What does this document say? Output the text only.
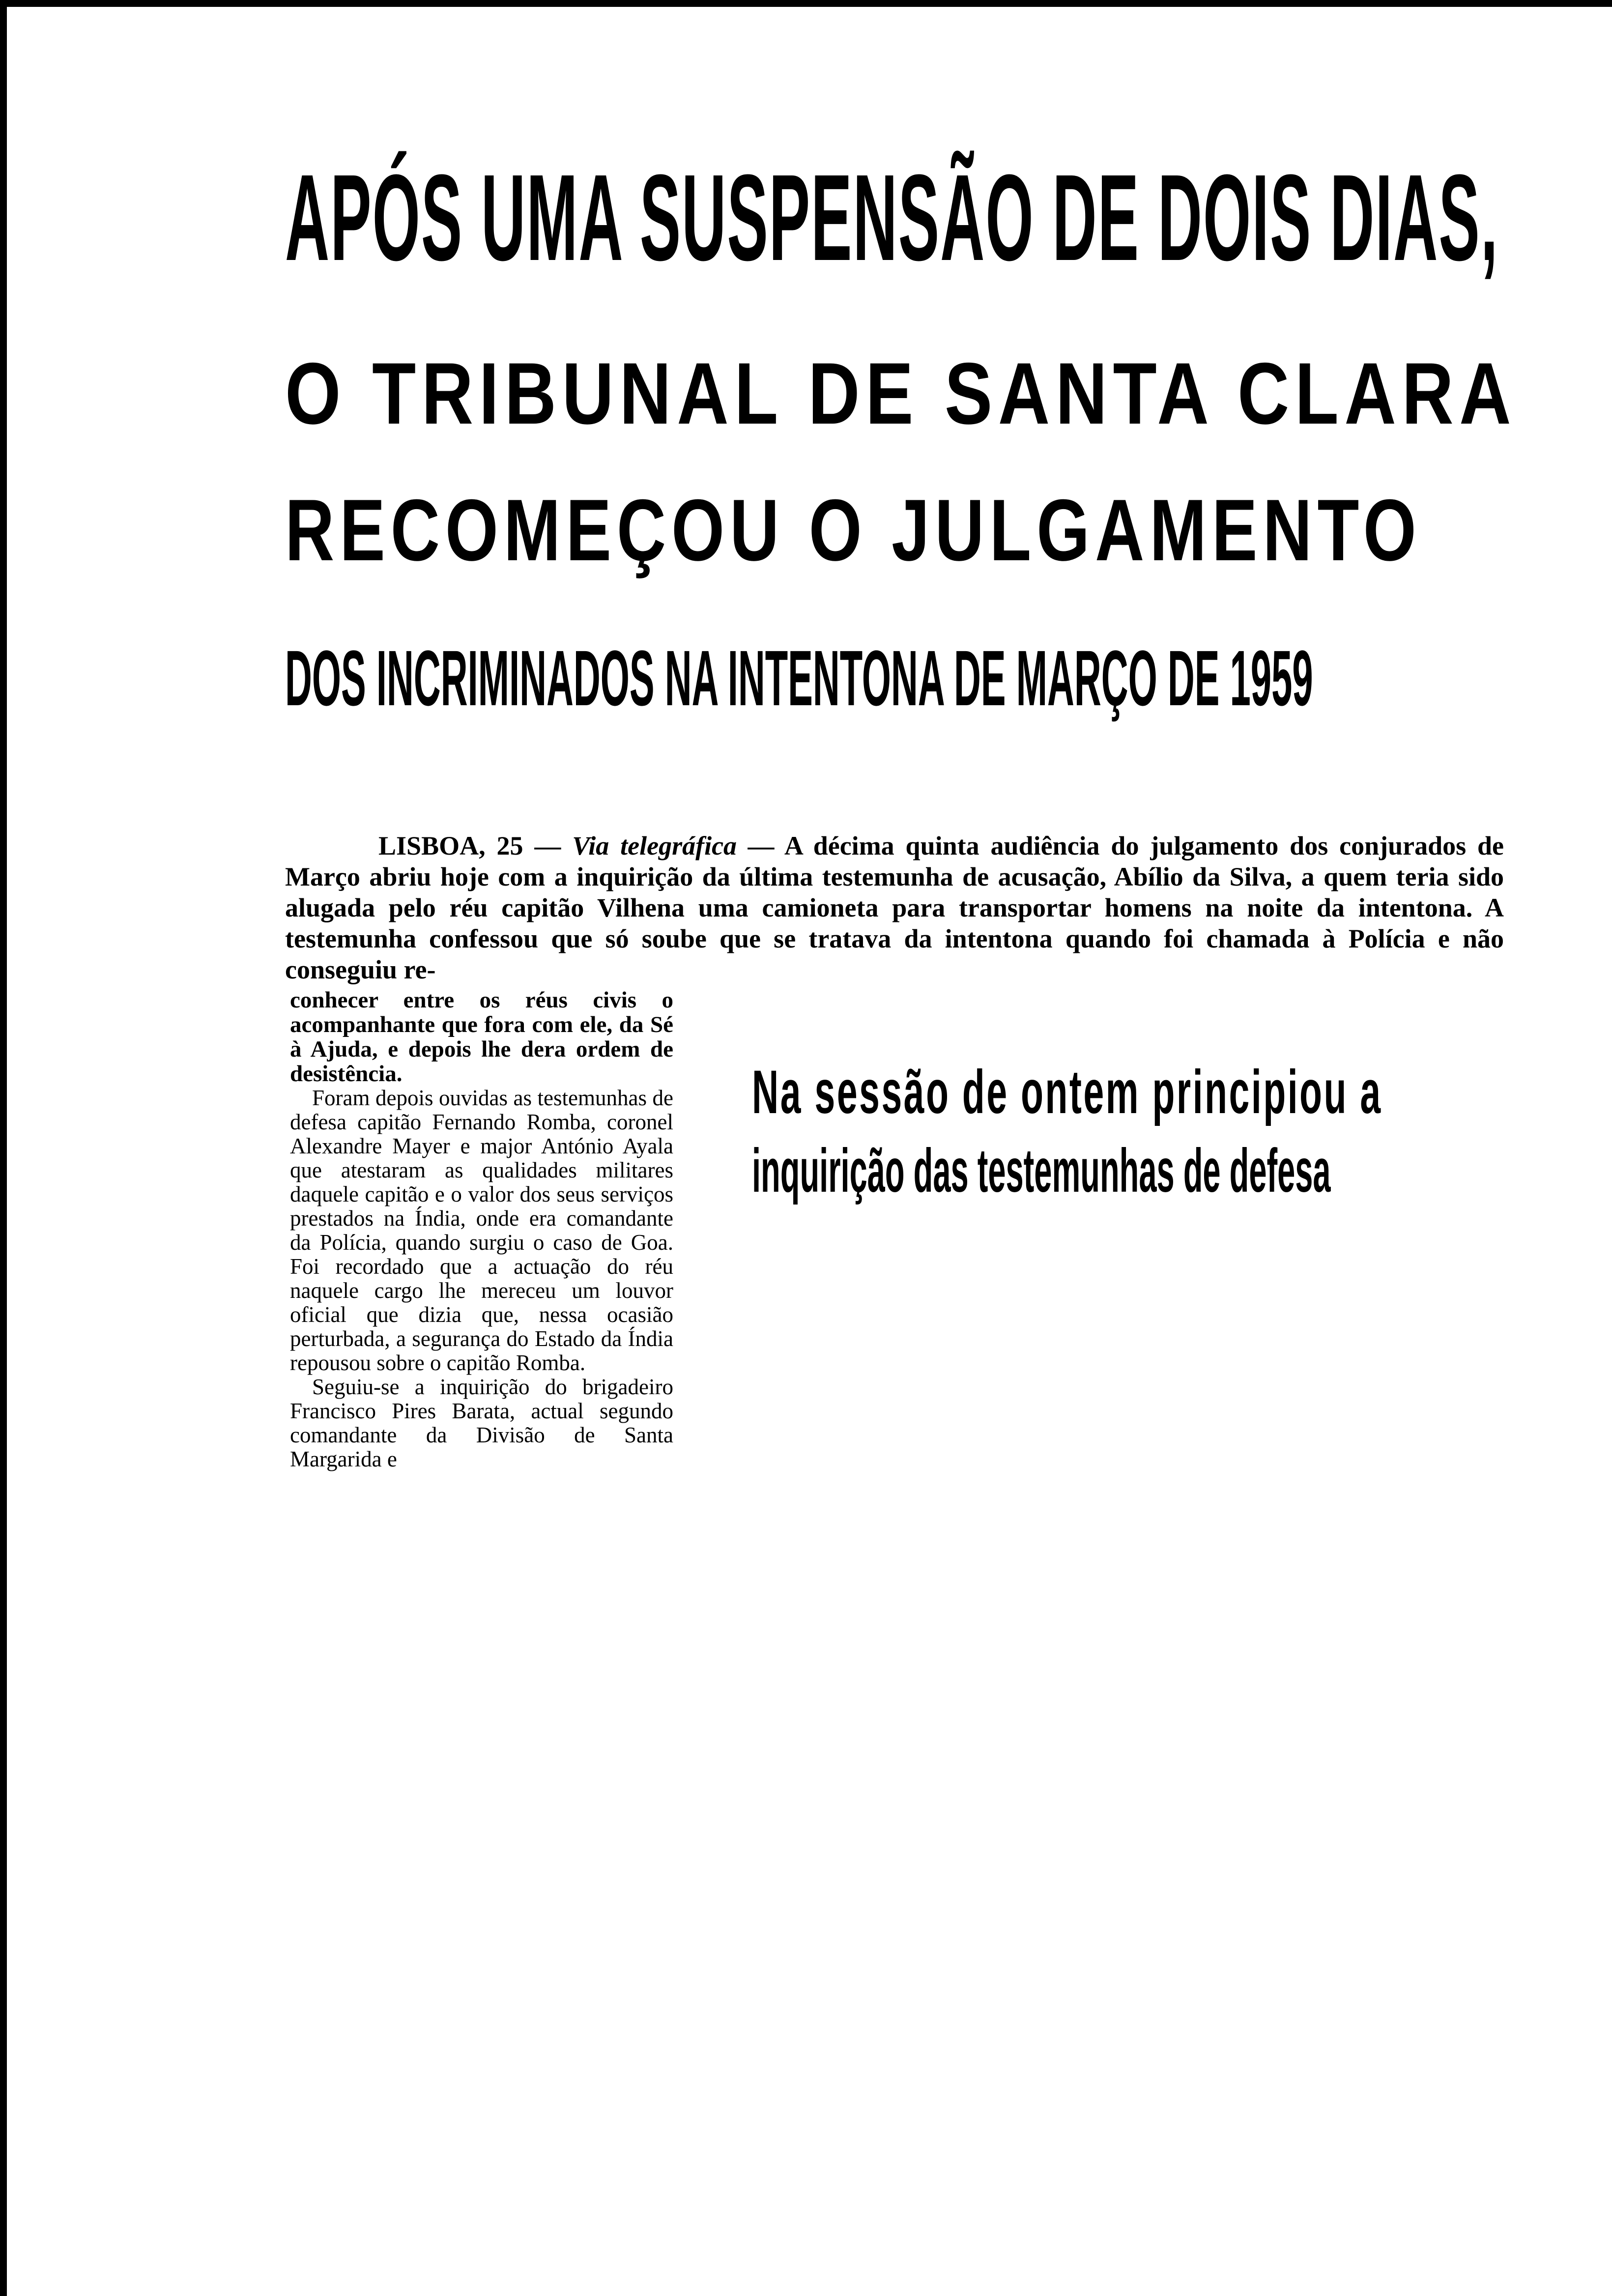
APÓS UMA SUSPENSÃO DE DOIS DIAS,
O TRIBUNAL DE SANTA CLARA
RECOMEÇOU O JULGAMENTO
DOS INCRIMINADOS NA INTENTONA DE MARÇO DE 1959
LISBOA, 25 — Via telegráfica — A décima quinta audiência do julgamento dos conjurados de Março abriu hoje com a inquirição da última testemunha de acusação, Abílio da Silva, a quem teria sido alugada pelo réu capitão Vilhena uma camioneta para transportar homens na noite da intentona. A testemunha confessou que só soube que se tratava da intentona quando foi chamada à Polícia e não conseguiu re-

conhecer entre os réus civis o acompanhante que fora com ele, da Sé à Ajuda, e depois lhe dera ordem de desistência.

Foram depois ouvidas as testemunhas de defesa capitão Fernando Romba, coronel Alexandre Mayer e major António Ayala que atestaram as qualidades militares daquele capitão e o valor dos seus serviços prestados na Índia, onde era comandante da Polícia, quando surgiu o caso de Goa. Foi recordado que a actuação do réu naquele cargo lhe mereceu um louvor oficial que dizia que, nessa ocasião perturbada, a segurança do Estado da Índia repousou sobre o capitão Romba.

Seguiu-se a inquirição do brigadeiro Francisco Pires Barata, actual segundo comandante da Divisão de Santa Margarida e

Na sessão de ontem principiou a
inquirição das testemunhas de defesa
